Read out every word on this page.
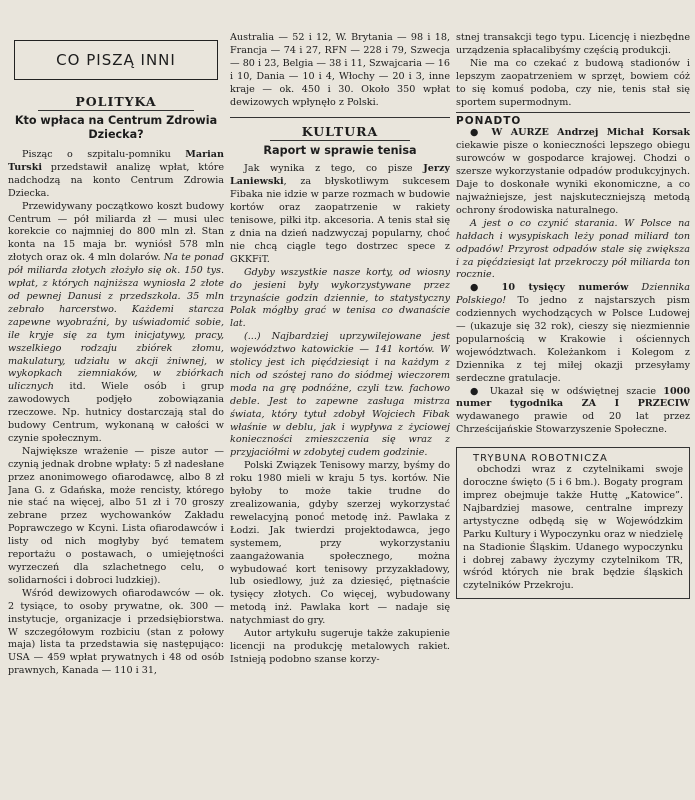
CO PISZĄ INNI
POLITYKA
Kto wpłaca na Centrum Zdrowia Dziecka?

Pisząc o szpitalu-pomniku Marian Turski przedstawił analizę wpłat, które nadchodzą na konto Centrum Zdrowia Dziecka.

Przewidywany początkowo koszt budowy Centrum — pół miliarda zł — musi ulec korekcie co najmniej do 800 mln zł. Stan konta na 15 maja br. wyniósł 578 mln złotych oraz ok. 4 mln dolarów. Na te ponad pół miliarda złotych złożyło się ok. 150 tys. wpłat, z których najniższa wyniosła 2 złote od pewnej Danusi z przedszkola. 35 mln zebrało harcerstwo. Każdemi starcza zapewne wyobraźni, by uświadomić sobie, ile kryje się za tym inicjatywy, pracy, wszelkiego rodzaju zbiórek złomu, makulatury, udziału w akcji żniwnej, w wykopkach ziemniaków, w zbiórkach ulicznych itd. Wiele osób i grup zawodowych podjęło zobowiązania rzeczowe. Np. hutnicy dostarczają stal do budowy Centrum, wykonaną w całości w czynie społecznym.

Największe wrażenie — pisze autor — czynią jednak drobne wpłaty: 5 zł nadesłane przez anonimowego ofiarodawcę, albo 8 zł Jana G. z Gdańska, może rencisty, którego nie stać na więcej, albo 51 zł i 70 groszy zebrane przez wychowanków Zakładu Poprawczego w Kcyni. Lista ofiarodawców i listy od nich mogłyby być tematem reportażu o postawach, o umiejętności wyrzeczeń dla szlachetnego celu, o solidarności i dobroci ludzkiej).

Wśród dewizowych ofiarodawców — ok. 2 tysiące, to osoby prywatne, ok. 300 — instytucje, organizacje i przedsiębiorstwa. W szczegółowym rozbiciu (stan z połowy maja) lista ta przedstawia się następująco: USA — 459 wpłat prywatnych i 48 od osób prawnych, Kanada — 110 i 31,

Australia — 52 i 12, W. Brytania — 98 i 18, Francja — 74 i 27, RFN — 228 i 79, Szwecja — 80 i 23, Belgia — 38 i 11, Szwajcaria — 16 i 10, Dania — 10 i 4, Włochy — 20 i 3, inne kraje — ok. 450 i 30. Około 350 wpłat dewizowych wpłynęło z Polski.

KULTURA
Raport w sprawie tenisa

Jak wynika z tego, co pisze Jerzy Laniewski, za błyskotliwym sukcesem Fibaka nie idzie w parze rozmach w budowie kortów oraz zaopatrzenie w rakiety tenisowe, piłki itp. akcesoria. A tenis stał się z dnia na dzień nadzwyczaj popularny, choć nie chcą ciągle tego dostrzec spece z GKKFiT.

Gdyby wszystkie nasze korty, od wiosny do jesieni były wykorzystywane przez trzynaście godzin dziennie, to statystyczny Polak mógłby grać w tenisa co dwanaście lat.

(...) Najbardziej uprzywilejowane jest województwo katowickie — 141 kortów. W stolicy jest ich pięćdziesiąt i na każdym z nich od szóstej rano do siódmej wieczorem moda na grę podnóżne, czyli tzw. fachowo deble. Jest to zapewne zasługa mistrza świata, który tytuł zdobył Wojciech Fibak właśnie w deblu, jak i wypływa z życiowej konieczności zmieszczenia się wraz z przyjaciółmi w zdobytej cudem godzinie.

Polski Związek Tenisowy marzy, byśmy do roku 1980 mieli w kraju 5 tys. kortów. Nie byłoby to może takie trudne do zrealizowania, gdyby szerzej wykorzystać rewelacyjną ponoć metodę inż. Pawlaka z Łodzi. Jak twierdzi projektodawca, jego systemem, przy wykorzystaniu zaangażowania społecznego, można wybudować kort tenisowy przyzakładowy, lub osiedlowy, już za dziesięć, piętnaście tysięcy złotych. Co więcej, wybudowany metodą inż. Pawlaka kort — nadaje się natychmiast do gry.

Autor artykułu sugeruje także zakupienie licencji na produkcję metalowych rakiet. Istnieją podobno szanse korzy-

stnej transakcji tego typu. Licencję i niezbędne urządzenia spłacalibyśmy częścią produkcji.

Nie ma co czekać z budową stadionów i lepszym zaopatrzeniem w sprzęt, bowiem cóż to się komuś podoba, czy nie, tenis stał się sportem supermodnym.

PONADTO

● W AURZE Andrzej Michał Korsak ciekawie pisze o konieczności lepszego obiegu surowców w gospodarce krajowej. Chodzi o szersze wykorzystanie odpadów produkcyjnych. Daje to doskonałe wyniki ekonomiczne, a co najważniejsze, jest najskuteczniejszą metodą ochrony środowiska naturalnego.

A jest o co czynić starania. W Polsce na hałdach i wysypiskach leży ponad miliard ton odpadów! Przyrost odpadów stale się zwiększa i za pięćdziesiąt lat przekroczy pół miliarda ton rocznie.

● 10 tysięcy numerów Dziennika Polskiego! To jedno z najstarszych pism codziennych wychodzących w Polsce Ludowej — (ukazuje się 32 rok), cieszy się niezmiennie popularnością w Krakowie i ościennych województwach. Koleżankom i Kolegom z Dziennika z tej miłej okazji przesyłamy serdeczne gratulacje.

● Ukazał się w odświętnej szacie 1000 numer tygodnika ZA I PRZECIW wydawanego prawie od 20 lat przez Chrześcijańskie Stowarzyszenie Społeczne.

TRYBUNA ROBOTNICZA

obchodzi wraz z czytelnikami swoje doroczne święto (5 i 6 bm.). Bogaty program imprez obejmuje także Huttę „Katowice”. Najbardziej masowe, centralne imprezy artystyczne odbędą się w Wojewódzkim Parku Kultury i Wypoczynku oraz w niedzielę na Stadionie Śląskim. Udanego wypoczynku i dobrej zabawy życzymy czytelnikom TR, wśród których nie brak będzie śląskich czytelników Przekroju.
